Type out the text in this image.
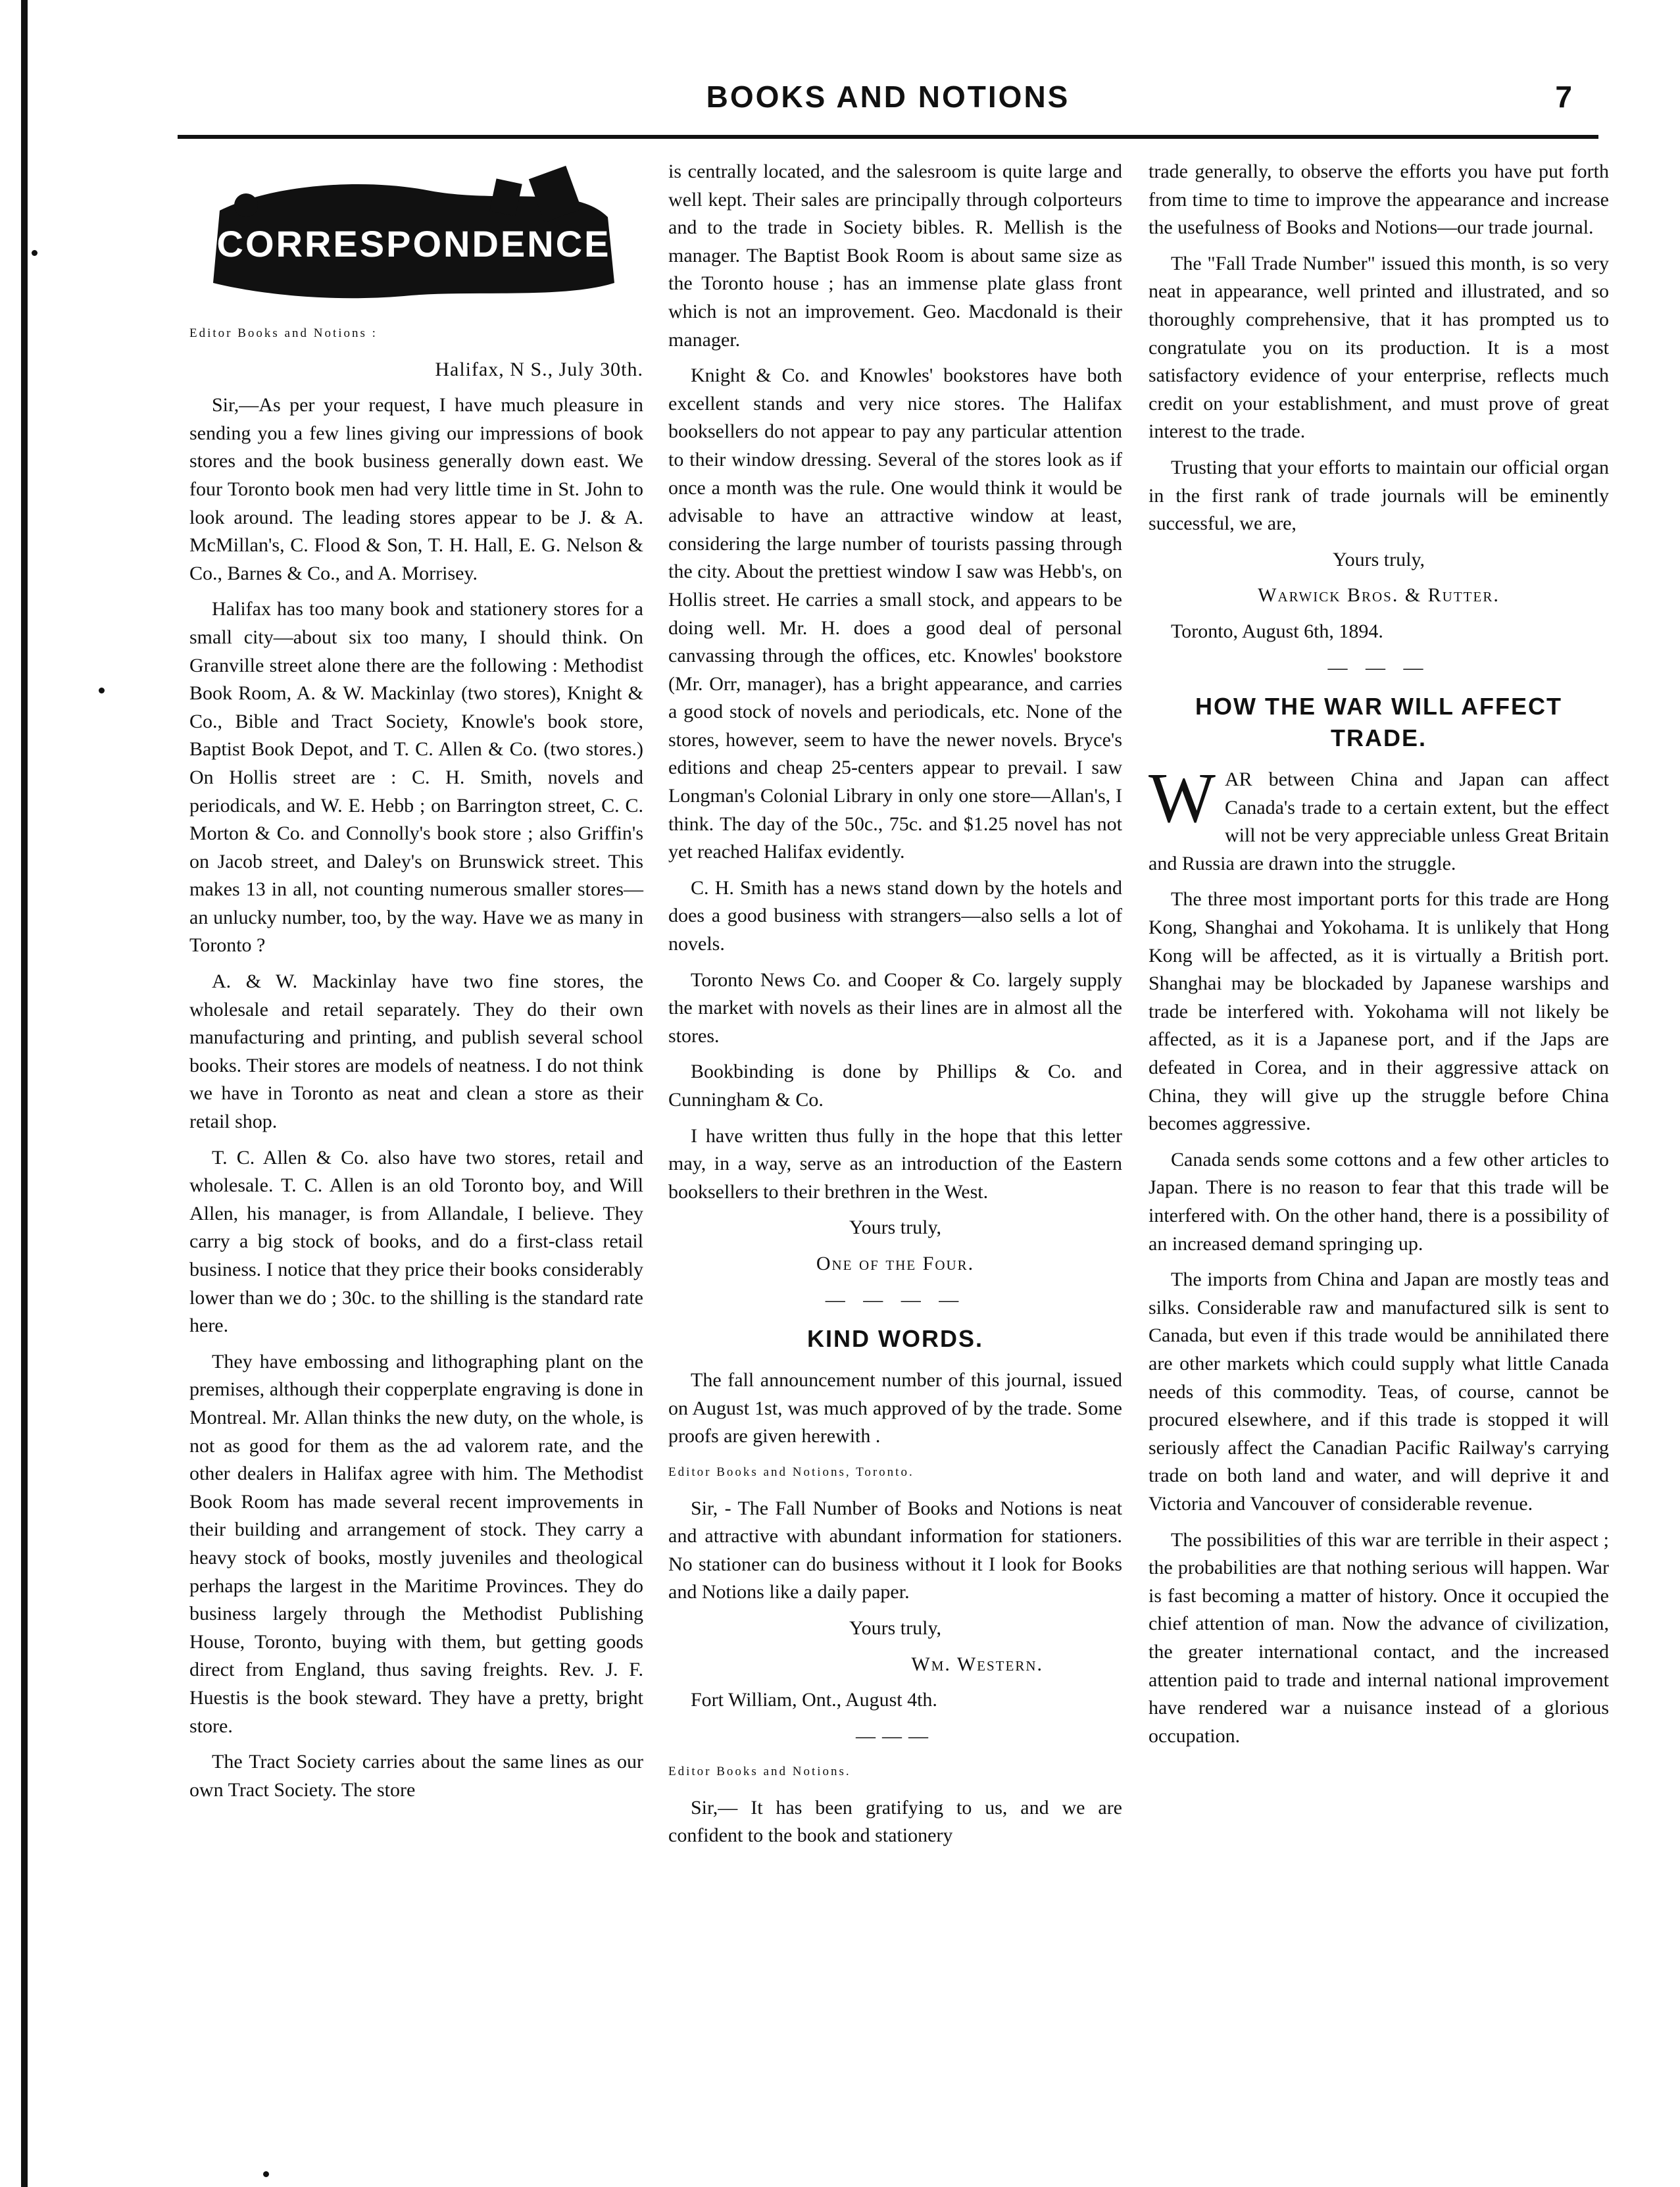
BOOKS AND NOTIONS	7
CORRESPONDENCE

Editor Books and Notions :

Halifax, N S., July 30th.

Sir,—As per your request, I have much pleasure in sending you a few lines giving our impressions of book stores and the book business generally down east. We four Toronto book men had very little time in St. John to look around. The leading stores appear to be J. & A. McMillan's, C. Flood & Son, T. H. Hall, E. G. Nelson & Co., Barnes & Co., and A. Morrisey.

Halifax has too many book and stationery stores for a small city—about six too many, I should think. On Granville street alone there are the following : Methodist Book Room, A. & W. Mackinlay (two stores), Knight & Co., Bible and Tract Society, Knowle's book store, Baptist Book Depot, and T. C. Allen & Co. (two stores.) On Hollis street are : C. H. Smith, novels and periodicals, and W. E. Hebb ; on Barrington street, C. C. Morton & Co. and Connolly's book store ; also Griffin's on Jacob street, and Daley's on Brunswick street. This makes 13 in all, not counting numerous smaller stores—an unlucky number, too, by the way. Have we as many in Toronto ?

A. & W. Mackinlay have two fine stores, the wholesale and retail separately. They do their own manufacturing and printing, and publish several school books. Their stores are models of neatness. I do not think we have in Toronto as neat and clean a store as their retail shop.

T. C. Allen & Co. also have two stores, retail and wholesale. T. C. Allen is an old Toronto boy, and Will Allen, his manager, is from Allandale, I believe. They carry a big stock of books, and do a first-class retail business. I notice that they price their books considerably lower than we do ; 30c. to the shilling is the standard rate here.

They have embossing and lithographing plant on the premises, although their copperplate engraving is done in Montreal. Mr. Allan thinks the new duty, on the whole, is not as good for them as the ad valorem rate, and the other dealers in Halifax agree with him. The Methodist Book Room has made several recent improvements in their building and arrangement of stock. They carry a heavy stock of books, mostly juveniles and theological perhaps the largest in the Maritime Provinces. They do business largely through the Methodist Publishing House, Toronto, buying with them, but getting goods direct from England, thus saving freights. Rev. J. F. Huestis is the book steward. They have a pretty, bright store.

The Tract Society carries about the same lines as our own Tract Society. The store

is centrally located, and the salesroom is quite large and well kept. Their sales are principally through colporteurs and to the trade in Society bibles. R. Mellish is the manager. The Baptist Book Room is about same size as the Toronto house ; has an immense plate glass front which is not an improvement. Geo. Macdonald is their manager.

Knight & Co. and Knowles' bookstores have both excellent stands and very nice stores. The Halifax booksellers do not appear to pay any particular attention to their window dressing. Several of the stores look as if once a month was the rule. One would think it would be advisable to have an attractive window at least, considering the large number of tourists passing through the city. About the prettiest window I saw was Hebb's, on Hollis street. He carries a small stock, and appears to be doing well. Mr. H. does a good deal of personal canvassing through the offices, etc. Knowles' bookstore (Mr. Orr, manager), has a bright appearance, and carries a good stock of novels and periodicals, etc. None of the stores, however, seem to have the newer novels. Bryce's editions and cheap 25-centers appear to prevail. I saw Longman's Colonial Library in only one store—Allan's, I think. The day of the 50c., 75c. and $1.25 novel has not yet reached Halifax evidently.

C. H. Smith has a news stand down by the hotels and does a good business with strangers—also sells a lot of novels.

Toronto News Co. and Cooper & Co. largely supply the market with novels as their lines are in almost all the stores.

Bookbinding is done by Phillips & Co. and Cunningham & Co.

I have written thus fully in the hope that this letter may, in a way, serve as an introduction of the Eastern booksellers to their brethren in the West.

Yours truly,

One of the Four.

— — — —
KIND WORDS.

The fall announcement number of this journal, issued on August 1st, was much approved of by the trade. Some proofs are given herewith .

Editor Books and Notions, Toronto.

Sir, - The Fall Number of Books and Notions is neat and attractive with abundant information for stationers. No stationer can do business without it I look for Books and Notions like a daily paper.

Yours truly,

Wm. Western.

Fort William, Ont., August 4th.

———

Editor Books and Notions.

Sir,— It has been gratifying to us, and we are confident to the book and stationery

trade generally, to observe the efforts you have put forth from time to time to improve the appearance and increase the usefulness of Books and Notions—our trade journal.

The "Fall Trade Number" issued this month, is so very neat in appearance, well printed and illustrated, and so thoroughly comprehensive, that it has prompted us to congratulate you on its production. It is a most satisfactory evidence of your enterprise, reflects much credit on your establishment, and must prove of great interest to the trade.

Trusting that your efforts to maintain our official organ in the first rank of trade journals will be eminently successful, we are,

Yours truly,

Warwick Bros. & Rutter.

Toronto, August 6th, 1894.

— — —
HOW THE WAR WILL AFFECT TRADE.

WAR between China and Japan can affect Canada's trade to a certain extent, but the effect will not be very appreciable unless Great Britain and Russia are drawn into the struggle.

The three most important ports for this trade are Hong Kong, Shanghai and Yokohama. It is unlikely that Hong Kong will be affected, as it is virtually a British port. Shanghai may be blockaded by Japanese warships and trade be interfered with. Yokohama will not likely be affected, as it is a Japanese port, and if the Japs are defeated in Corea, and in their aggressive attack on China, they will give up the struggle before China becomes aggressive.

Canada sends some cottons and a few other articles to Japan. There is no reason to fear that this trade will be interfered with. On the other hand, there is a possibility of an increased demand springing up.

The imports from China and Japan are mostly teas and silks. Considerable raw and manufactured silk is sent to Canada, but even if this trade would be annihilated there are other markets which could supply what little Canada needs of this commodity. Teas, of course, cannot be procured elsewhere, and if this trade is stopped it will seriously affect the Canadian Pacific Railway's carrying trade on both land and water, and will deprive it and Victoria and Vancouver of considerable revenue.

The possibilities of this war are terrible in their aspect ; the probabilities are that nothing serious will happen. War is fast becoming a matter of history. Once it occupied the chief attention of man. Now the advance of civilization, the greater international contact, and the increased attention paid to trade and internal national improvement have rendered war a nuisance instead of a glorious occupation.
